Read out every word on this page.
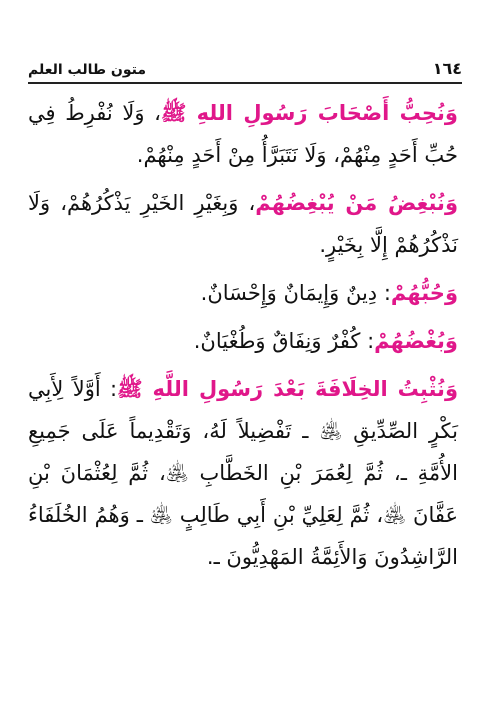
١٦٤
متون طالب العلم

وَنُحِبُّ أَصْحَابَ رَسُولِ اللهِ ﷺ، وَلَا نُفْرِطُ فِي حُبِّ أَحَدٍ مِنْهُمْ، وَلَا نَتَبَرَّأُ مِنْ أَحَدٍ مِنْهُمْ.

وَنُبْغِضُ مَنْ يُبْغِضُهُمْ، وَبِغَيْرِ الخَيْرِ يَذْكُرُهُمْ، وَلَا نَذْكُرُهُمْ إِلَّا بِخَيْرٍ.

وَحُبُّهُمْ: دِينٌ وَإِيمَانٌ وَإِحْسَانٌ.

وَبُغْضُهُمْ: كُفْرٌ وَنِفَاقٌ وَطُغْيَانٌ.

وَنُثْبِتُ الخِلَافَةَ بَعْدَ رَسُولِ اللَّهِ ﷺ: أَوَّلاً لِأَبِي بَكْرٍ الصِّدِّيقِ ﵁ ـ تَفْضِيلاً لَهُ، وَتَقْدِيماً عَلَى جَمِيعِ الأُمَّةِ ـ، ثُمَّ لِعُمَرَ بْنِ الخَطَّابِ ﵁، ثُمَّ لِعُثْمَانَ بْنِ عَفَّانَ ﵁، ثُمَّ لِعَلِيِّ بْنِ أَبِي طَالِبٍ ﵁ ـ وَهُمُ الخُلَفَاءُ الرَّاشِدُونَ وَالأَئِمَّةُ المَهْدِيُّونَ ـ.
